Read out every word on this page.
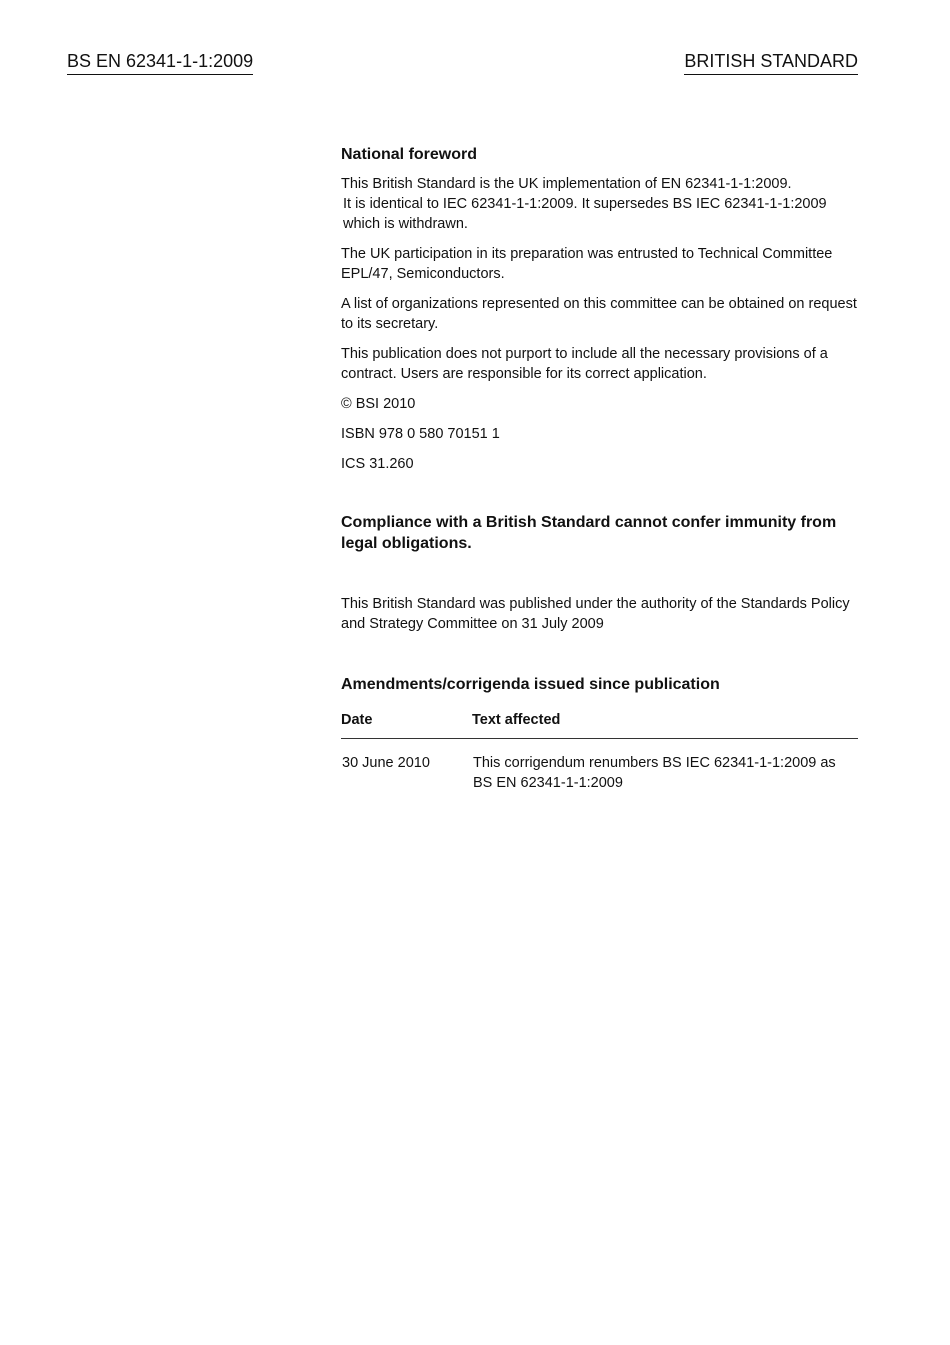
BS EN 62341-1-1:2009	BRITISH STANDARD

National foreword

This British Standard is the UK implementation of EN 62341-1-1:2009.
It is identical to IEC 62341-1-1:2009. It supersedes BS IEC 62341-1-1:2009
which is withdrawn.

The UK participation in its preparation was entrusted to Technical Committee EPL/47, Semiconductors.

A list of organizations represented on this committee can be obtained on request to its secretary.

This publication does not purport to include all the necessary provisions of a contract. Users are responsible for its correct application.

© BSI 2010

ISBN 978 0 580 70151 1

ICS 31.260

Compliance with a British Standard cannot confer immunity from legal obligations.

This British Standard was published under the authority of the Standards Policy and Strategy Committee on 31 July 2009

Amendments/corrigenda issued since publication

Date	Text affected
30 June 2010	This corrigendum renumbers BS IEC 62341-1-1:2009 as BS EN 62341-1-1:2009
